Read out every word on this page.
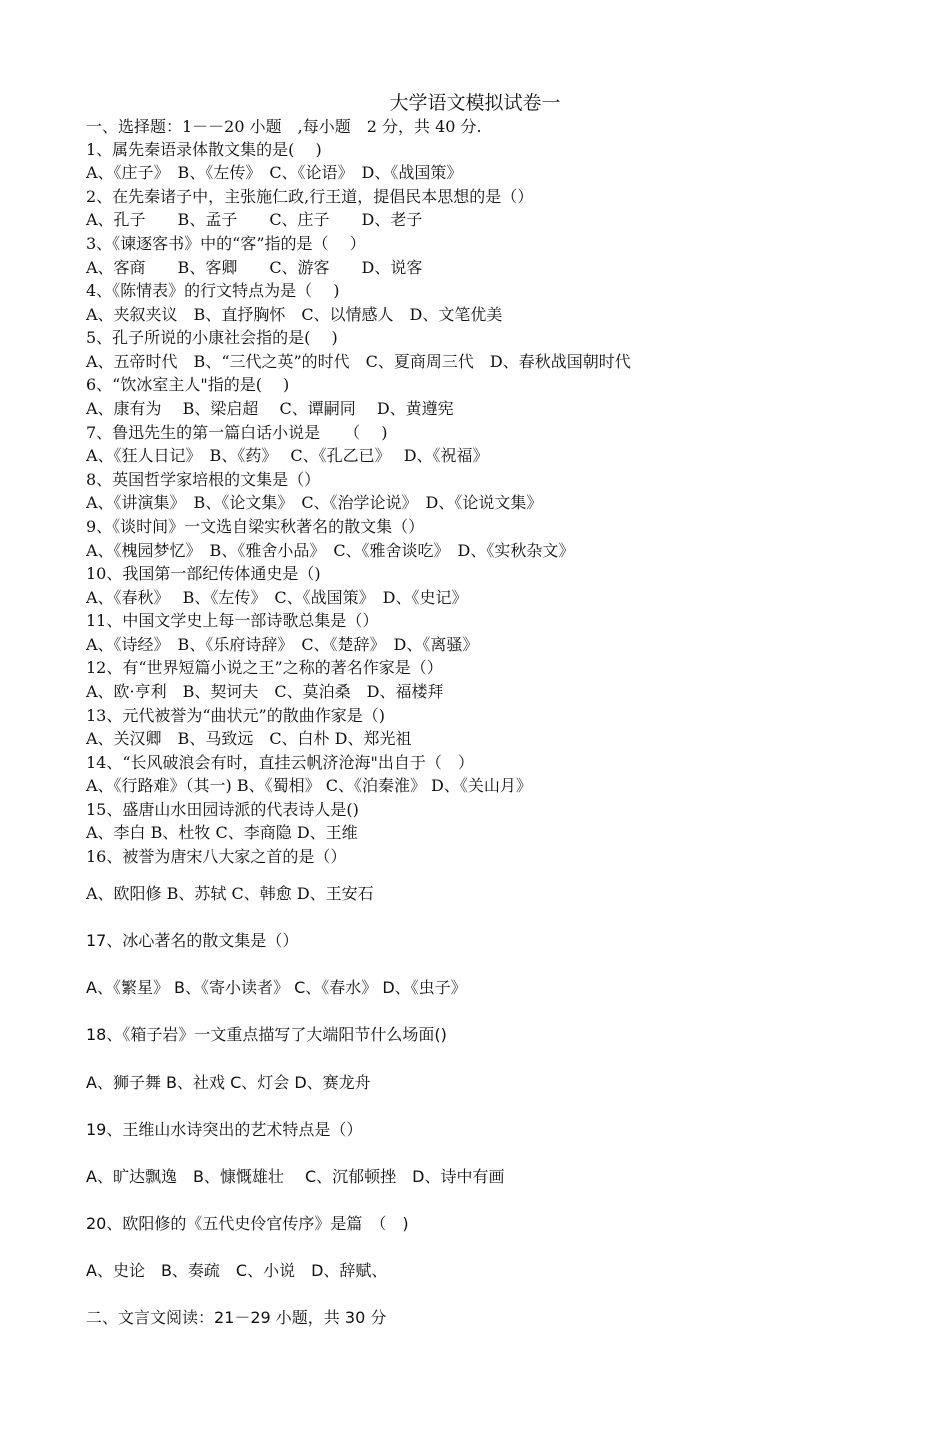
大学语文模拟试卷一
一、选择题：1－－20 小题　,每小题　2 分，共 40 分.
1、属先秦语录体散文集的是(　 )
A、《庄子》　B、《左传》　C、《论语》　D、《战国策》
2、在先秦诸子中，主张施仁政,行王道，提倡民本思想的是（）
A、孔子　　B、孟子　　C、庄子　　D、老子
3、《谏逐客书》中的“客”指的是（　 ）
A、客商　　B、客卿　　C、游客　　D、说客
4、《陈情表》的行文特点为是（　 )
A、夹叙夹议　B、直抒胸怀　C、以情感人　D、文笔优美
5、孔子所说的小康社会指的是(　 )
A、五帝时代　B、“三代之英”的时代　C、夏商周三代　D、春秋战国朝时代
6、“饮冰室主人"指的是(　 )
A、康有为　 B、梁启超　 C、谭嗣同　 D、黄遵宪
7、鲁迅先生的第一篇白话小说是　　（　 )
A、《狂人日记》　B、《药》　 C、《孔乙已》　 D、《祝福》
8、英国哲学家培根的文集是（）
A、《讲演集》　B、《论文集》　C、《治学论说》　D、《论说文集》
9、《谈时间》一文选自梁实秋著名的散文集（）
A、《槐园梦忆》　B、《雅舍小品》　C、《雅舍谈吃》　D、《实秋杂文》
10、我国第一部纪传体通史是（)
A、《春秋》　 B、《左传》　C、《战国策》　D、《史记》
11、中国文学史上每一部诗歌总集是（）
A、《诗经》　B、《乐府诗辞》　C、《楚辞》　D、《离骚》
12、有“世界短篇小说之王”之称的著名作家是（）
A、欧·亨利　B、契诃夫　C、莫泊桑　D、福楼拜
13、元代被誉为“曲状元”的散曲作家是（)
A、关汉卿　B、马致远　C、白朴 D、郑光祖
14、“长风破浪会有时，直挂云帆济沧海"出自于（　）
A、《行路难》（其一) B、《蜀相》 C、《泊秦淮》 D、《关山月》
15、盛唐山水田园诗派的代表诗人是()
A、李白 B、杜牧 C、李商隐 D、王维
16、被誉为唐宋八大家之首的是（）
A、欧阳修 B、苏轼 C、韩愈 D、王安石
17、冰心著名的散文集是（）
A、《繁星》 B、《寄小读者》 C、《春水》 D、《虫子》
18、《箱子岩》一文重点描写了大端阳节什么场面()
A、狮子舞 B、社戏 C、灯会 D、赛龙舟
19、王维山水诗突出的艺术特点是（）
A、旷达飘逸　B、慷慨雄壮　 C、沉郁顿挫　D、诗中有画
20、欧阳修的《五代史伶官传序》是篇　（　)
A、史论　B、奏疏　C、小说　D、辞赋、
二、文言文阅读：21－29 小题，共 30 分
